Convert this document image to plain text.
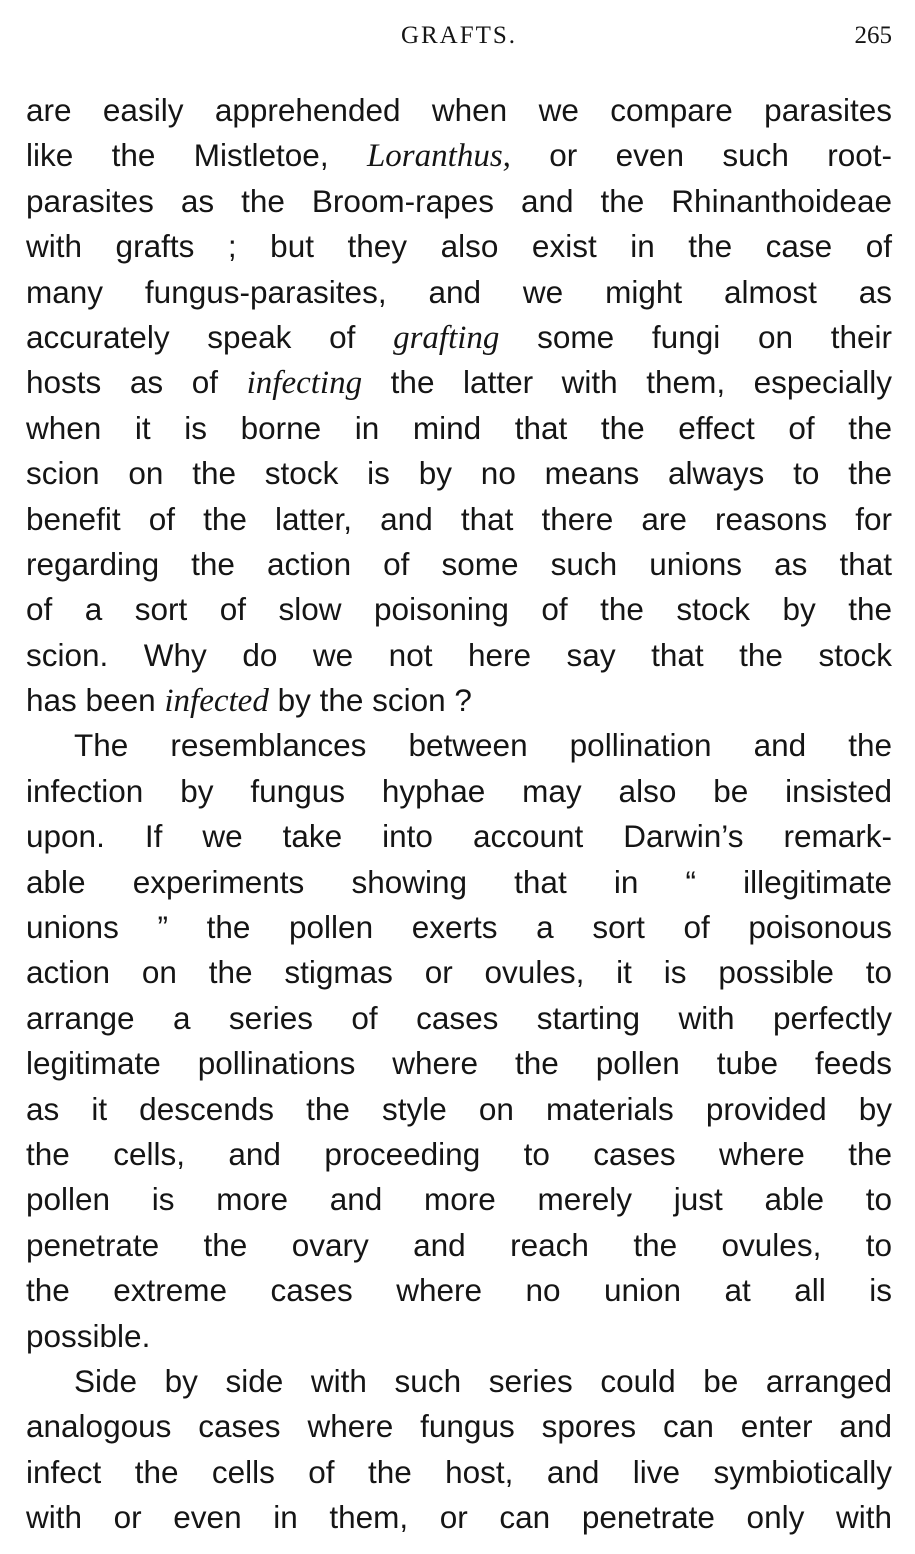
GRAFTS.	265
are easily apprehended when we compare parasites
like the Mistletoe, Loranthus, or even such root-
parasites as the Broom-rapes and the Rhinanthoideae
with grafts ; but they also exist in the case of
many fungus-parasites, and we might almost as
accurately speak of grafting some fungi on their
hosts as of infecting the latter with them, especially
when it is borne in mind that the effect of the
scion on the stock is by no means always to the
benefit of the latter, and that there are reasons for
regarding the action of some such unions as that
of a sort of slow poisoning of the stock by the
scion. Why do we not here say that the stock
has been infected by the scion ?
The resemblances between pollination and the
infection by fungus hyphae may also be insisted
upon. If we take into account Darwin’s remark-
able experiments showing that in “ illegitimate
unions ” the pollen exerts a sort of poisonous
action on the stigmas or ovules, it is possible to
arrange a series of cases starting with perfectly
legitimate pollinations where the pollen tube feeds
as it descends the style on materials provided by
the cells, and proceeding to cases where the
pollen is more and more merely just able to
penetrate the ovary and reach the ovules, to
the extreme cases where no union at all is
possible.
Side by side with such series could be arranged
analogous cases where fungus spores can enter and
infect the cells of the host, and live symbiotically
with or even in them, or can penetrate only with
